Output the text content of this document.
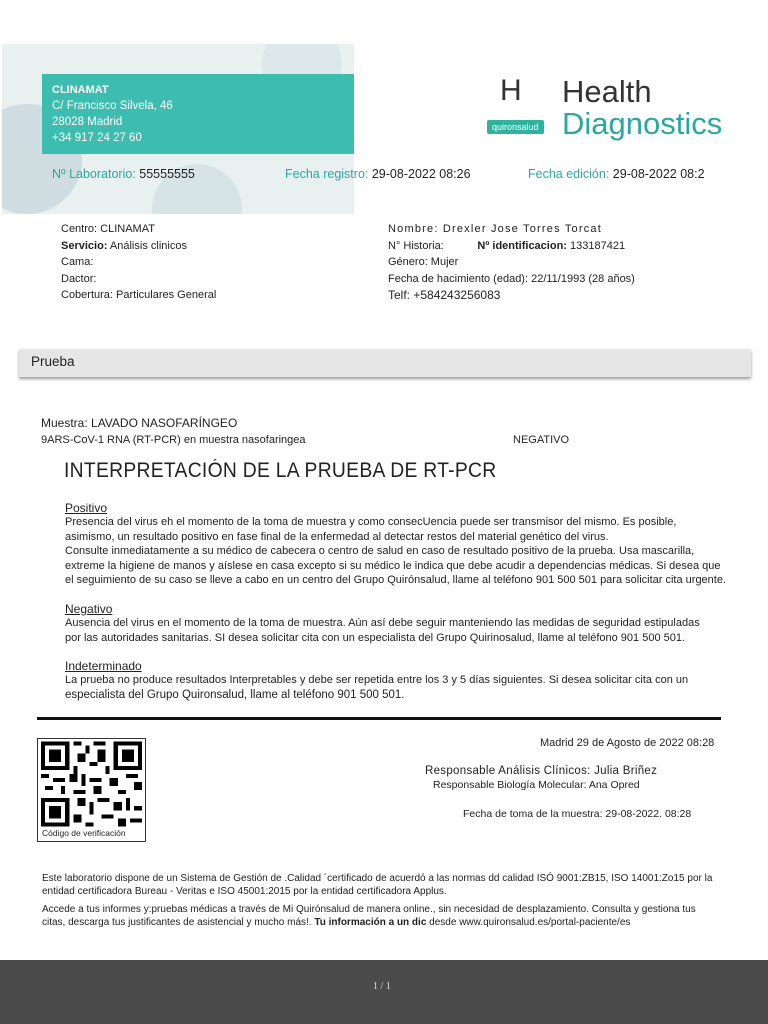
CLINAMAT
C/ Francisco Silvela, 46
28028 Madrid
+34 917 24 27 60
Nº Laboratorio: 55555555	Fecha registro: 29-08-2022 08:26	Fecha edición: 29-08-2022 08:2
H
quironsalud
Health
Diagnostics
Centro: CLINAMAT
Servicio: Análisis clinicos
Cama:
Dactor:
Cobertura: Particulares General
Nombre: Drexler Jose Torres Torcat
N° Historia:	Nº identificacion: 133187421
Género: Mujer
Fecha de hacimiento (edad): 22/11/1993 (28 años)
Telf: +584243256083
Prueba
Muestra: LAVADO NASOFARÍNGEO
9ARS-CoV-1 RNA (RT-PCR) en muestra nasofaringea	NEGATIVO
INTERPRETACIÓN DE LA PRUEBA DE RT-PCR
Positivo
Presencia del virus eh el momento de la toma de muestra y como consecUencia puede ser transmisor del mismo. Es posible,
asimismo, un resultado positivo en fase final de la enfermedad al detectar restos del material genético del virus.
Consulte inmediatamente a su médico de cabecera o centro de salud en caso de resultado positivo de la prueba. Usa mascarilla,
extreme la higiene de manos y aíslese en casa excepto si su médico le indica que debe acudir a dependencias médicas. Si desea que
el seguimiento de su caso se lleve a cabo en un centro del Grupo Quirónsalud, llame al teléfono 901 500 501 para solicitar cita urgente.
Negativo
Ausencia del virus en el momento de la toma de muestra. Aún así debe seguir manteniendo las medidas de seguridad estipuladas
por las autoridades sanitarias. SI desea solicitar cita con un especialista del Grupo Quirinosalud, llame al teléfono 901 500 501.
Indeterminado
La prueba no produce resultados Interpretables y debe ser repetida entre los 3 y 5 días siguientes. Si desea solicitar cita con un
especialista del Grupo Quironsalud, llame al teléfono 901 500 501.
Código de verificación
Madrid 29 de Agosto de 2022 08:28
Responsable Análisis Clínicos: Julia Briñez
Responsable Biología Molecular: Ana Opred
Fecha de toma de la muestra: 29-08-2022. 08:28
Este laboratorio dispone de un Sistema de Gestión de .Calidad ´certificado de acuerdó a las normas dd calidad ISÓ 9001:ZB15, ISO 14001:Zo15 por la
entidad certificadora Bureau - Veritas e ISO 45001:2015 por la entidad certificadora Applus.
Accede a tus informes y:pruebas médicas a través de Mi Quirónsalud de manera online., sin necesidad de desplazamiento. Consulta y gestiona tus
citas, descarga tus justificantes de asistencial y mucho más!. Tu información a un dic desde www.quironsalud.es/portal-paciente/es
1 / 1
